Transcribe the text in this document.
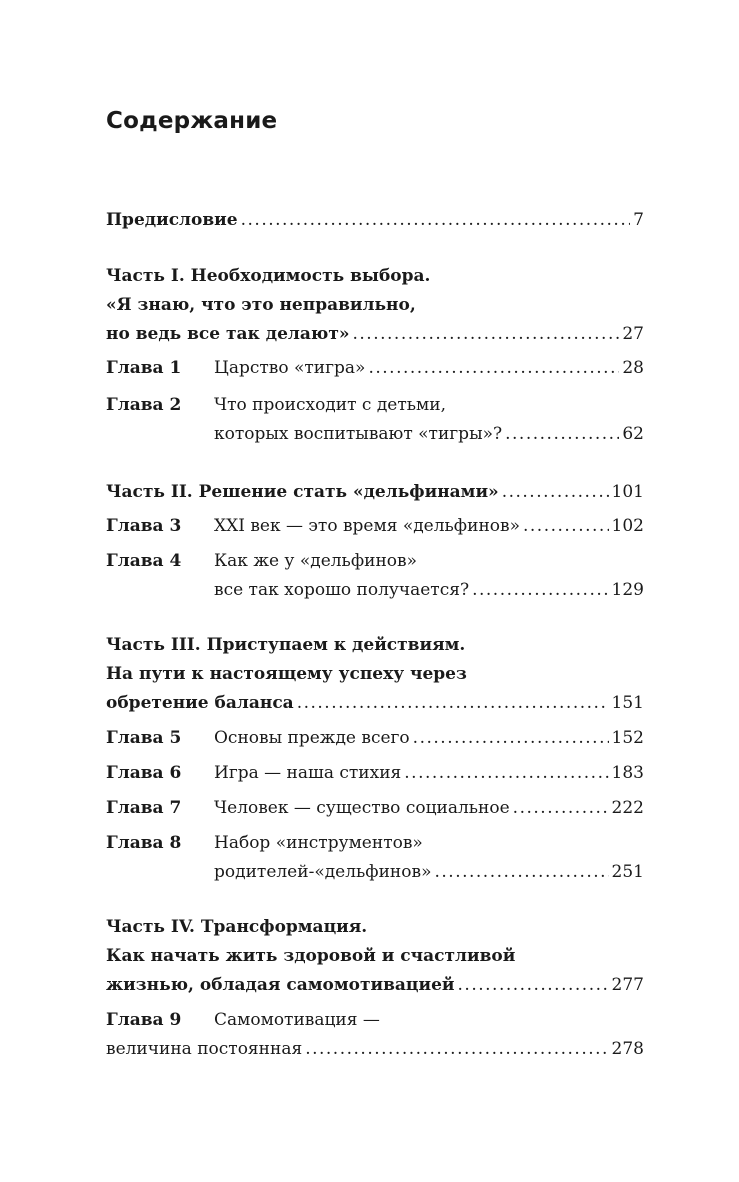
Содержание
Предисловие .....	7
Часть I. Необходимость выбора.
«Я знаю, что это неправильно,
но ведь все так делают» .....	27
Глава 1	Царство «тигра» .....	28
Глава 2	Что происходит с детьми,
которых воспитывают «тигры»? .....	62
Часть II. Решение стать «дельфинами» .....	101
Глава 3	XXI век — это время «дельфинов» .....	102
Глава 4	Как же у «дельфинов»
все так хорошо получается? .....	129
Часть III. Приступаем к действиям.
На пути к настоящему успеху через
обретение баланса .....	151
Глава 5	Основы прежде всего .....	152
Глава 6	Игра — наша стихия .....	183
Глава 7	Человек — существо социальное .....	222
Глава 8	Набор «инструментов»
родителей-«дельфинов» .....	251
Часть IV. Трансформация.
Как начать жить здоровой и счастливой
жизнью, обладая самомотивацией .....	277
Глава 9	Самомотивация —
величина постоянная .....	278
